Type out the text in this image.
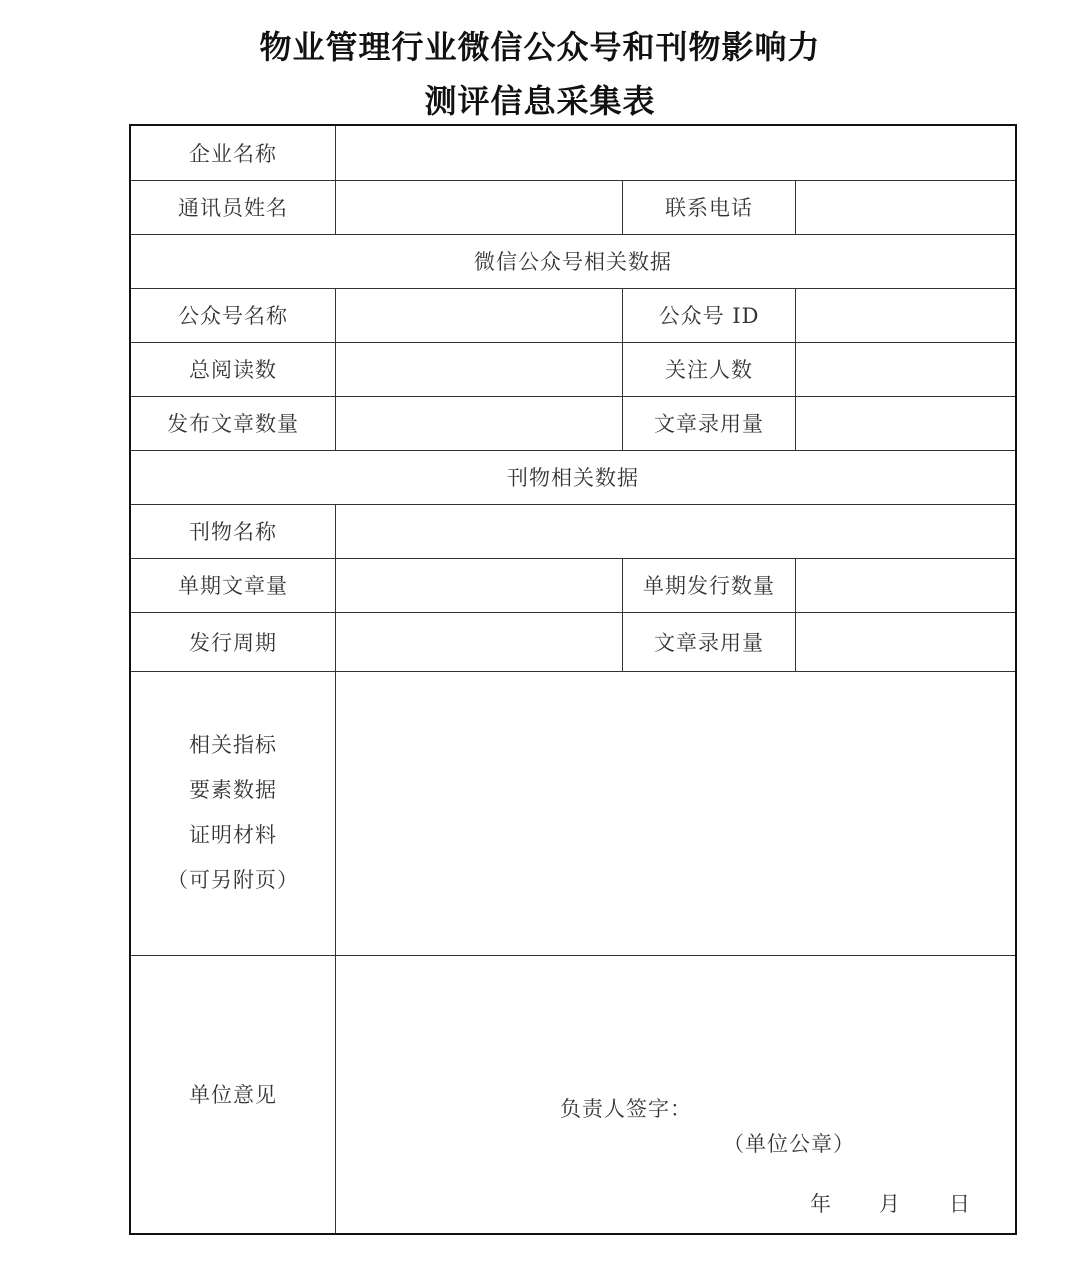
物业管理行业微信公众号和刊物影响力
测评信息采集表
企业名称
通讯员姓名	联系电话
微信公众号相关数据
公众号名称	公众号 ID
总阅读数	关注人数
发布文章数量	文章录用量
刊物相关数据
刊物名称
单期文章量	单期发行数量
发行周期	文章录用量
相关指标
要素数据
证明材料
（可另附页）
单位意见
负责人签字：
（单位公章）
年 月 日
